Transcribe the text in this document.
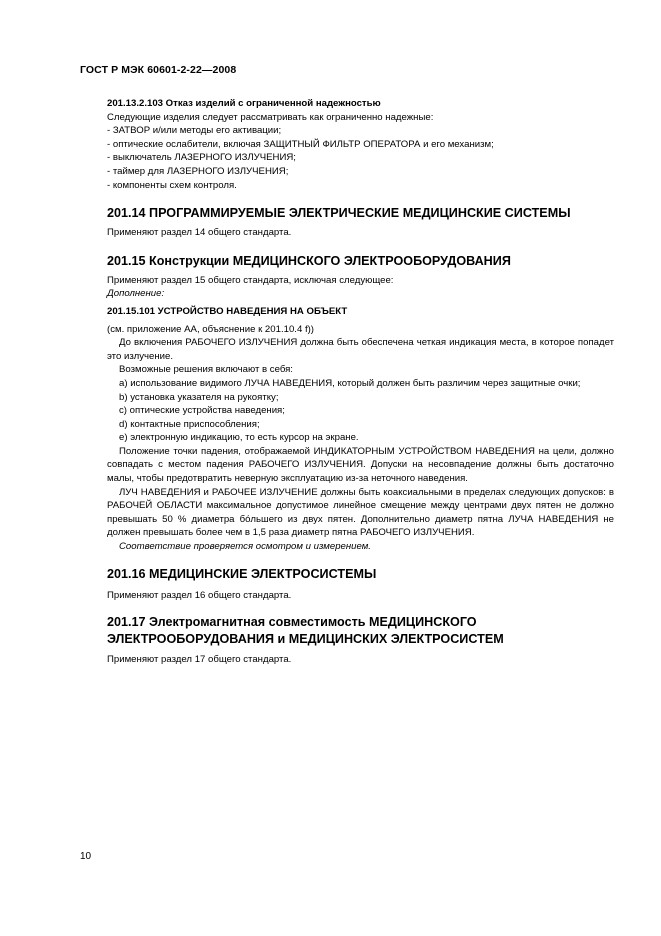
ГОСТ Р МЭК 60601-2-22—2008

201.13.2.103 Отказ изделий с ограниченной надежностью

Следующие изделия следует рассматривать как ограниченно надежные:

- ЗАТВОР и/или методы его активации;

- оптические ослабители, включая ЗАЩИТНЫЙ ФИЛЬТР ОПЕРАТОРА и его механизм;

- выключатель ЛАЗЕРНОГО ИЗЛУЧЕНИЯ;

- таймер для ЛАЗЕРНОГО ИЗЛУЧЕНИЯ;

- компоненты схем контроля.

201.14 ПРОГРАММИРУЕМЫЕ ЭЛЕКТРИЧЕСКИЕ МЕДИЦИНСКИЕ СИСТЕМЫ

Применяют раздел 14 общего стандарта.

201.15 Конструкции МЕДИЦИНСКОГО ЭЛЕКТРООБОРУДОВАНИЯ

Применяют раздел 15 общего стандарта, исключая следующее:

Дополнение:

201.15.101 УСТРОЙСТВО НАВЕДЕНИЯ НА ОБЪЕКТ

(см. приложение АА, объяснение к 201.10.4 f))

До включения РАБОЧЕГО ИЗЛУЧЕНИЯ должна быть обеспечена четкая индикация места, в которое попадет это излучение.

Возможные решения включают в себя:

a) использование видимого ЛУЧА НАВЕДЕНИЯ, который должен быть различим через защитные очки;

b) установка указателя на рукоятку;

c) оптические устройства наведения;

d) контактные приспособления;

e) электронную индикацию, то есть курсор на экране.

Положение точки падения, отображаемой ИНДИКАТОРНЫМ УСТРОЙСТВОМ НАВЕДЕНИЯ на цели, должно совпадать с местом падения РАБОЧЕГО ИЗЛУЧЕНИЯ. Допуски на несовпадение должны быть достаточно малы, чтобы предотвратить неверную эксплуатацию из-за неточного наведения.

ЛУЧ НАВЕДЕНИЯ и РАБОЧЕЕ ИЗЛУЧЕНИЕ должны быть коаксиальными в пределах следующих допусков: в РАБОЧЕЙ ОБЛАСТИ максимальное допустимое линейное смещение между центрами двух пятен не должно превышать 50 % диаметра бо́льшего из двух пятен. Дополнительно диаметр пятна ЛУЧА НАВЕДЕНИЯ не должен превышать более чем в 1,5 раза диаметр пятна РАБОЧЕГО ИЗЛУЧЕНИЯ.

Соответствие проверяется осмотром и измерением.

201.16 МЕДИЦИНСКИЕ ЭЛЕКТРОСИСТЕМЫ

Применяют раздел 16 общего стандарта.

201.17 Электромагнитная совместимость МЕДИЦИНСКОГО
ЭЛЕКТРООБОРУДОВАНИЯ и МЕДИЦИНСКИХ ЭЛЕКТРОСИСТЕМ

Применяют раздел 17 общего стандарта.

10
